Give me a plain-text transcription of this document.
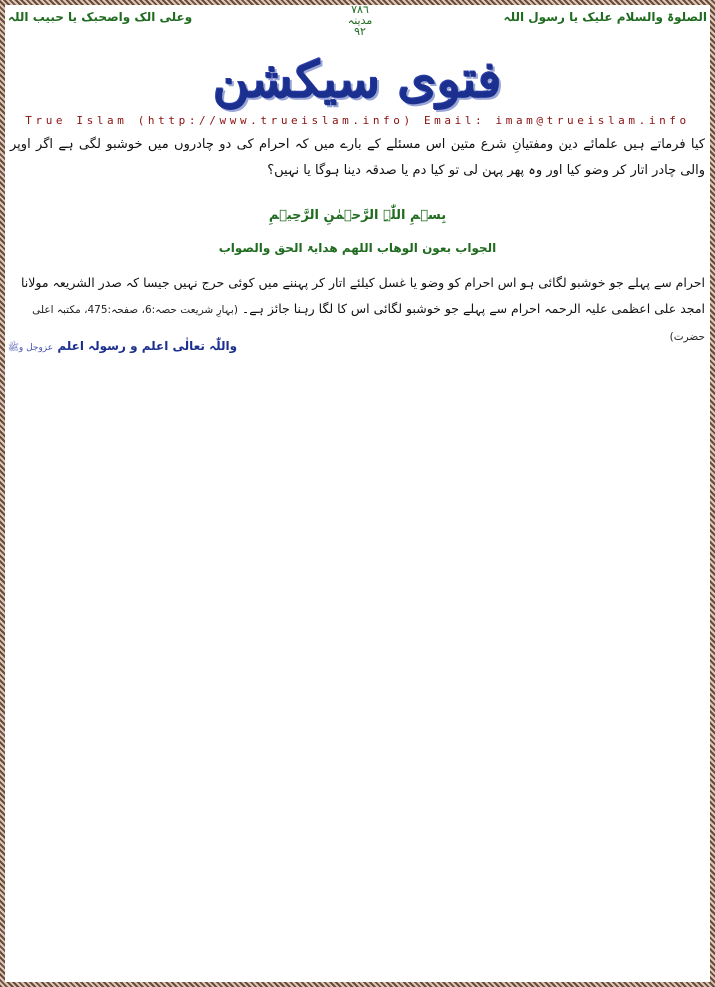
الصلوۃ والسلام علیک یا رسول اللہ
٧٨٦
مدینہ
٩٢
وعلی الک واصحبک یا حبیب اللہ
فتوی سیکشن
True Islam (http://www.trueislam.info) Email: imam@trueislam.info
کیا فرماتے ہیں علمائے دین ومفتیانِ شرع متین اس مسئلے کے بارے میں کہ احرام کی دو چادروں میں خوشبو لگی ہے اگر اوپر والی چادر اتار کر وضو کیا اور وہ پھر پہن لی تو کیا دم یا صدقہ دینا ہوگا یا نہیں؟
بِسۡمِ اللّٰہِ الرَّحۡمٰنِ الرَّحِیۡمِ
الجواب بعون الوھاب اللھم ھدایۃ الحق والصواب
احرام سے پہلے جو خوشبو لگائی ہو اس احرام کو وضو یا غسل کیلئے اتار کر پہننے میں کوئی حرج نہیں جیسا کہ صدر الشریعہ مولانا امجد علی اعظمی علیہ الرحمہ احرام سے پہلے جو خوشبو لگائی اس کا لگا رہنا جائز ہے۔ (بہارِ شریعت حصہ:6، صفحہ:475، مکتبہ اعلی حضرت)
واللّٰہ تعالٰی اعلم و رسولہ اعلم عزوجل وﷺ
